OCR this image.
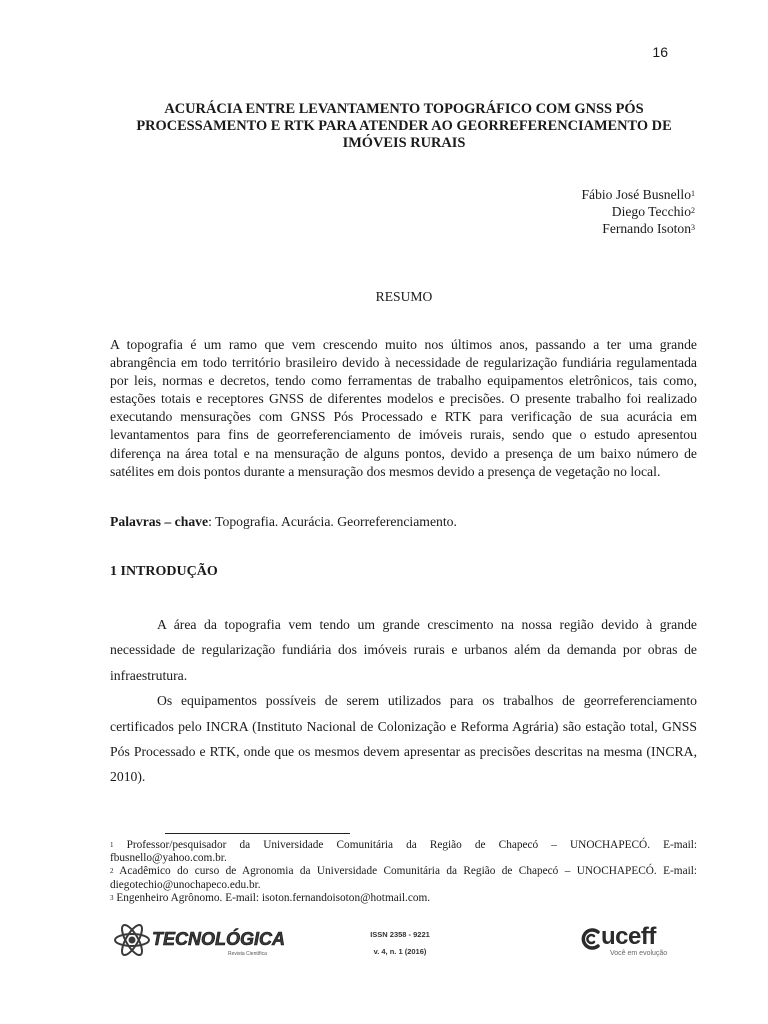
16
ACURÁCIA ENTRE LEVANTAMENTO TOPOGRÁFICO COM GNSS PÓS PROCESSAMENTO E RTK PARA ATENDER AO GEORREFERENCIAMENTO DE IMÓVEIS RURAIS
Fábio José Busnello$^1$
Diego Tecchio$^2$
Fernando Isoton$^3$
RESUMO

A topografia é um ramo que vem crescendo muito nos últimos anos, passando a ter uma grande abrangência em todo território brasileiro devido à necessidade de regularização fundiária regulamentada por leis, normas e decretos, tendo como ferramentas de trabalho equipamentos eletrônicos, tais como, estações totais e receptores GNSS de diferentes modelos e precisões. O presente trabalho foi realizado executando mensurações com GNSS Pós Processado e RTK para verificação de sua acurácia em levantamentos para fins de georreferenciamento de imóveis rurais, sendo que o estudo apresentou diferença na área total e na mensuração de alguns pontos, devido a presença de um baixo número de satélites em dois pontos durante a mensuração dos mesmos devido a presença de vegetação no local.

Palavras – chave: Topografia. Acurácia. Georreferenciamento.
1 INTRODUÇÃO

A área da topografia vem tendo um grande crescimento na nossa região devido à grande necessidade de regularização fundiária dos imóveis rurais e urbanos além da demanda por obras de infraestrutura.

Os equipamentos possíveis de serem utilizados para os trabalhos de georreferenciamento certificados pelo INCRA (Instituto Nacional de Colonização e Reforma Agrária) são estação total, GNSS Pós Processado e RTK, onde que os mesmos devem apresentar as precisões descritas na mesma (INCRA, 2010).

$^1$ Professor/pesquisador da Universidade Comunitária da Região de Chapecó – UNOCHAPECÓ. E-mail: fbusnello@yahoo.com.br.

$^2$ Acadêmico do curso de Agronomia da Universidade Comunitária da Região de Chapecó – UNOCHAPECÓ. E-mail: diegotechio@unochapeco.edu.br.

$^3$ Engenheiro Agrônomo. E-mail: isoton.fernandoisoton@hotmail.com.

TECNOLÓGICA
Revista Científica
ISSN 2358 - 9221
v. 4, n. 1 (2016)
uceff
Você em evolução
